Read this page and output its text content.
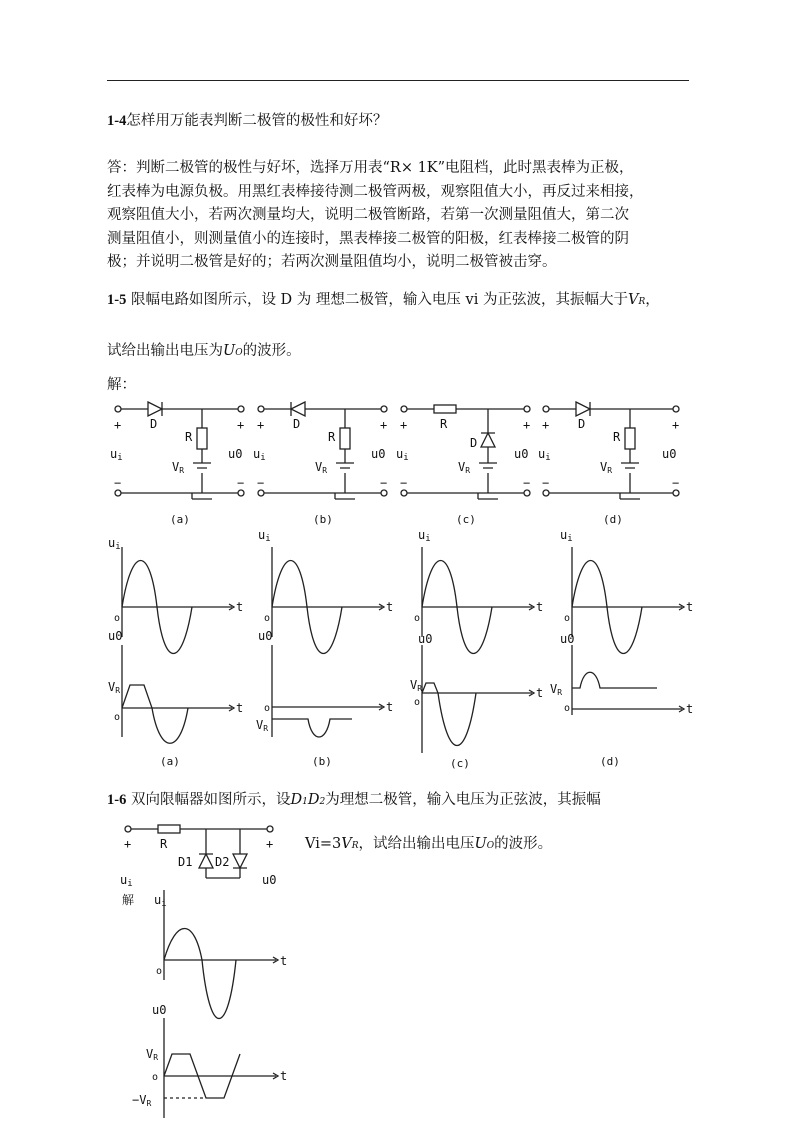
1-4怎样用万能表判断二极管的极性和好坏？
答：判断二极管的极性与好坏，选择万用表“R× 1K”电阻档，此时黑表棒为正极，
红表棒为电源负极。用黑红表棒接待测二极管两极，观察阻值大小，再反过来相接，
观察阻值大小，若两次测量均大，说明二极管断路，若第一次测量阻值大，第二次
测量阻值小，则测量值小的连接时，黑表棒接二极管的阳极，红表棒接二极管的阴
极；并说明二极管是好的；若两次测量阻值均小，说明二极管被击穿。
1-5 限幅电路如图所示，设 D 为 理想二极管，输入电压 vi 为正弦波，其振幅大于VR，
试给出输出电压为UO的波形。
解：
+	+
D
R
VR
ui	u0
−	−
(a)
+	+
D
R
VR
ui	u0
−	−
(b)
+	+
R
D
VR
ui	u0
−	−
(c)
+	+
D
R
VR
ui	u0
−	−
(d)
ui
ui	ui	ui
t	t	t	t
o	o	o	o
u0	u0	u0	u0
t	t
t
t
o
o
o
o
VR
VR
VR	VR
(a)	(b)	(c)	(d)
1-6 双向限幅器如图所示，设D1D2为理想二极管，输入电压为正弦波，其振幅
Vi=3VR，试给出输出电压UO的波形。
+	+
R
D1 D2
ui	u0
解 ui
t
o
u0
VR
o	t
−VR
